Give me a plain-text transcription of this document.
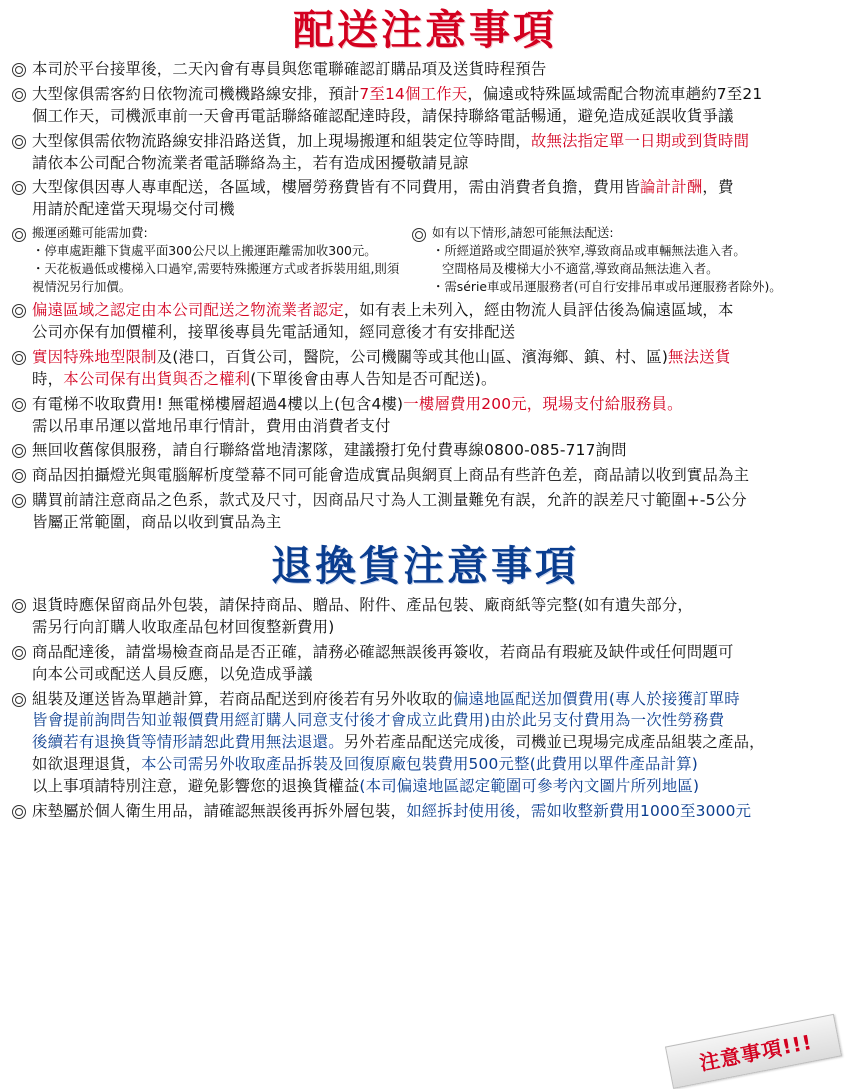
配送注意事項
本司於平台接單後，二天內會有專員與您電聯確認訂購品項及送貨時程預告
大型傢俱需客約日依物流司機機路線安排，預計7至14個工作天，偏遠或特殊區域需配合物流車趟約7至21
個工作天，司機派車前一天會再電話聯絡確認配達時段，請保持聯絡電話暢通，避免造成延誤收貨爭議
大型傢俱需依物流路線安排沿路送貨，加上現場搬運和組裝定位等時間，故無法指定單一日期或到貨時間
請依本公司配合物流業者電話聯絡為主，若有造成困擾敬請見諒
大型傢俱因專人專車配送，各區域，樓層勞務費皆有不同費用，需由消費者負擔，費用皆論計計酬，費
用請於配達當天現場交付司機
搬運函難可能需加費:
・ 停車處距離下貨處平面300公尺以上搬運距離需加收300元。
・ 天花板過低或樓梯入口過窄,需要特殊搬運方式或者拆裝用組,則須視情況另行加價。
如有以下情形,請恕可能無法配送:
・ 所經道路或空間逼於狹窄,導致商品或車輛無法進入者。
空間格局及樓梯大小不適當,導致商品無法進入者。
・ 需série車或吊運服務者(可自行安排吊車或吊運服務者除外)。
偏遠區域之認定由本公司配送之物流業者認定，如有表上未列入，經由物流人員評估後為偏遠區域，本
公司亦保有加價權利，接單後專員先電話通知，經同意後才有安排配送
實因特殊地型限制及(港口，百貨公司，醫院，公司機關等或其他山區、濱海鄉、鎮、村、區)無法送貨
時，本公司保有出貨與否之權利(下單後會由專人告知是否可配送)。
有電梯不收取費用! 無電梯樓層超過4樓以上(包含4樓)一樓層費用200元，現場支付給服務員。
需以吊車吊運以當地吊車行情計，費用由消費者支付
無回收舊傢俱服務，請自行聯絡當地清潔隊，建議撥打免付費專線0800-085-717詢問
商品因拍攝燈光與電腦解析度瑩幕不同可能會造成實品與網頁上商品有些許色差，商品請以收到實品為主
購買前請注意商品之色系，款式及尺寸，因商品尺寸為人工測量難免有誤，允許的誤差尺寸範圍+-5公分
皆屬正常範圍，商品以收到實品為主
退換貨注意事項
退貨時應保留商品外包裝，請保持商品、贈品、附件、產品包裝、廠商紙等完整(如有遺失部分，
需另行向訂購人收取產品包材回復整新費用)
商品配達後，請當場檢查商品是否正確，請務必確認無誤後再簽收，若商品有瑕疵及缺件或任何問題可
向本公司或配送人員反應，以免造成爭議
組裝及運送皆為單趟計算，若商品配送到府後若有另外收取的偏遠地區配送加價費用(專人於接獲訂單時
皆會提前詢問告知並報價費用經訂購人同意支付後才會成立此費用)由於此另支付費用為一次性勞務費
後續若有退換貨等情形請恕此費用無法退還。另外若產品配送完成後，司機並已現場完成產品組裝之產品，
如欲退理退貨，本公司需另外收取產品拆裝及回復原廠包裝費用500元整(此費用以單件產品計算)
以上事項請特別注意，避免影響您的退換貨權益(本司偏遠地區認定範圍可參考內文圖片所列地區)
床墊屬於個人衛生用品，請確認無誤後再拆外層包裝，如經拆封使用後，需如收整新費用1000至3000元
注意事項!!!
